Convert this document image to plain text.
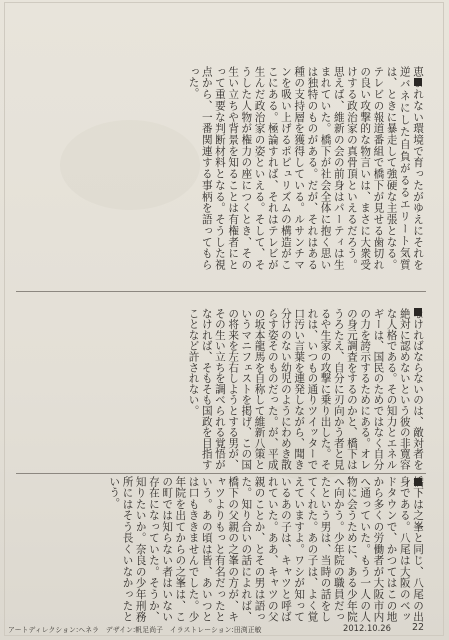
恵まれない環境で育ったがゆえにそれを逆バネにした自負がるるエリート気質は、ときに暴走して強硬な主張となる。テレビの報道番組で橋下が見せる歯切れの良い攻撃的な物言いは、まさに大衆受けする政治家の真骨頂といえるだろう。思えば、維新の会の前身はパーティは生まれていた。橋下が社会全体に抱く思いは独特のものがある。だが、それはある種の支持層を獲得している。ルサンチマンを吸い上げるポピュリズムの構造がここにある。極論すれば、それはテレビが生んだ政治家の姿といえる。そして、そうした人物が権力の座につくとき、その生い立ちや背景を知ることは有権者にとって重要な判断材料となる。そうした視点から、一番関連する事柄を語ってもらった。
なければならないのは、敵対者を絶対に認めないという彼の非寛容な人格である。その知力とエネルギーは、国民のためではなく自分の力を誇示するためにある。オレの身元調査をするのかと、橋下はうろたえ、自分に刃向かう者と見るや生家の攻撃に乗り出した。それは、いつもの通りツイッターで口汚い言葉を連発しながら、聞き分けのない幼児のようにわめき散らす姿そのものだった。が、平成の坂本龍馬を自称して維新八策というマニフェストを掲げ、この国の将来を左右しようとする男が、その生い立ちを調べられる覚悟がなければ、そもそも国政を目指すことなど許されない。
橋下は之峯と同じ、八尾の出身である。八尾は大阪のベッドタウンで、かつてはこの地から多くの労働者が大阪市内へ通っていた。もう一人の人物に会うために、ある少年院へ向かう。少年院の職員だったという男は、当時の話をしてくれた。あの子は、よく覚えていますよ。ワシが知っているあの子は、キャツと呼ばれていた。ああ、キャツの父親のことか、とその男は語った。知り合いの話によれば、橋下の父親の之峯の方が、キャツよりもっと有名だったという。あの頃は皆、あいつとは口もききませんでした。少年院を出てからの之峯は、この町では知らない者はいない存在になっていた。そうか、知りたいか。奈良の少年刑務所にはそう長くいなかったという。
アートディレクション:ヘネラ　デザイン:帆足尚子　イラストレーション:田渕正敏	2012.10.26 22
